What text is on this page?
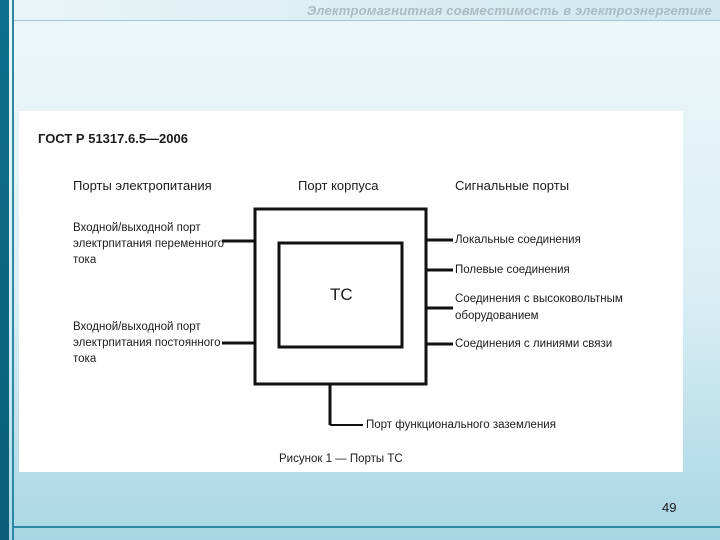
Электромагнитная совместимость в электроэнергетике
ГОСТ Р 51317.6.5—2006
Порты электропитания	Порт корпуса	Сигнальные порты
Входной/выходной порт
электрпитания переменного
тока
Входной/выходной порт
электрпитания постоянного
тока
ТС
Локальные соединения
Полевые соединения
Соединения с высоковольтным
оборудованием
Соединения с линиями связи
Порт функционального заземления
Рисунок 1 — Порты ТС
49
